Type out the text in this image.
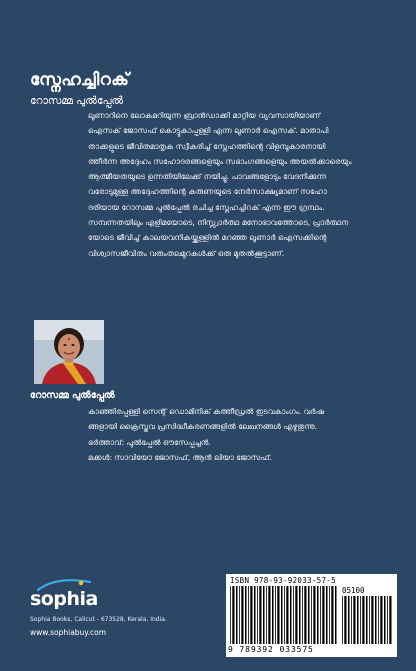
സ്നേഹച്ചിറക്
റോസമ്മ പുൽപ്പേൽ
ലൂണാറിനെ ലോകമറിയുന്ന ബ്രാൻഡാക്കി മാറ്റിയ വ്യവസായിയാണ്
ഐസക് ജോസഫ് കൊട്ടുകാപ്പള്ളി എന്ന ലൂണാർ ഐസക്. മാതാപി
താക്കളുടെ ജീവിതമാതൃക സ്വീകരിച്ച് സ്നേഹത്തിന്റെ വിളമ്പുകാരനായി
ത്തീർന്ന അദ്ദേഹം സഹോദരങ്ങളെയും സഭാംഗങ്ങളെയും അയൽക്കാരെയും
ആത്മീയതയുടെ ഉന്നതിയിലേക്ക് നയിച്ചു. പാവങ്ങളോടും വേദനിക്കുന്ന
വരോടുമുള്ള അദ്ദേഹത്തിന്റെ കരുണയുടെ നേർസാക്ഷ്യമാണ് സഹോ
ദരിയായ റോസമ്മ പുൽപ്പേൽ രചിച്ച സ്നേഹച്ചിറക് എന്ന ഈ ഗ്രന്ഥം.
സമ്പന്നതയിലും എളിമയോടെ, നിസ്സ്വാർത്ഥ മനോഭാവത്തോടെ, പ്രാർത്ഥന
യോടെ ജീവിച്ച് കാലയവനികയ്ക്കുള്ളിൽ മറഞ്ഞ ലൂണാർ ഐസക്കിന്റെ
വിശ്വാസജീവിതം വരുംതലമുറകൾക്ക് ഒരു മുതൽക്കൂട്ടാണ്.
റോസമ്മ പുൽപ്പേൽ
കാഞ്ഞിരപ്പള്ളി സെന്റ് ഡൊമിനിക് കത്തീഡ്രൽ ഇടവകാംഗം. വർഷ
ങ്ങളായി ക്രൈസ്തവ പ്രസിദ്ധീകരണങ്ങളിൽ ലേഖനങ്ങൾ എഴുതുന്നു.
ഭർത്താവ്: പുൽപ്പേൽ ഔസേപ്പച്ചൻ.
മക്കൾ: സാവിയോ ജോസഫ്, ആൻ ലിയാ ജോസഫ്.
sophia
Sophia Books, Calicut - 673528, Kerala, India.
www.sophiabuy.com
ISBN 978-93-92033-57-5
05100
9 789392 033575
